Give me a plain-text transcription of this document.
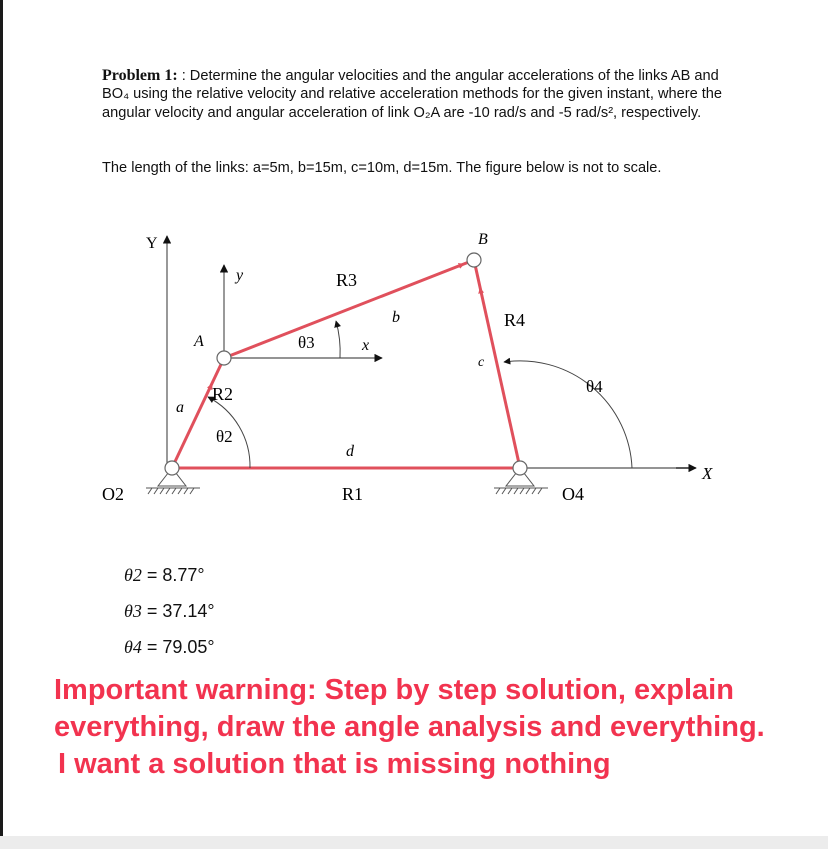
Problem 1: : Determine the angular velocities and the angular accelerations of the links AB and BO₄ using the relative velocity and relative acceleration methods for the given instant, where the angular velocity and angular acceleration of link O₂A are -10 rad/s and -5 rad/s², respectively.
The length of the links: a=5m, b=15m, c=10m, d=15m. The figure below is not to scale.
Y
y
A
B
R3
b	R4
θ3	x
c
θ4
a
R2
θ2
d
X
O2	R1	O4
θ2 = 8.77°
θ3 = 37.14°
θ4 = 79.05°
Important warning: Step by step solution, explain everything, draw the angle analysis and everything.
I want a solution that is missing nothing
